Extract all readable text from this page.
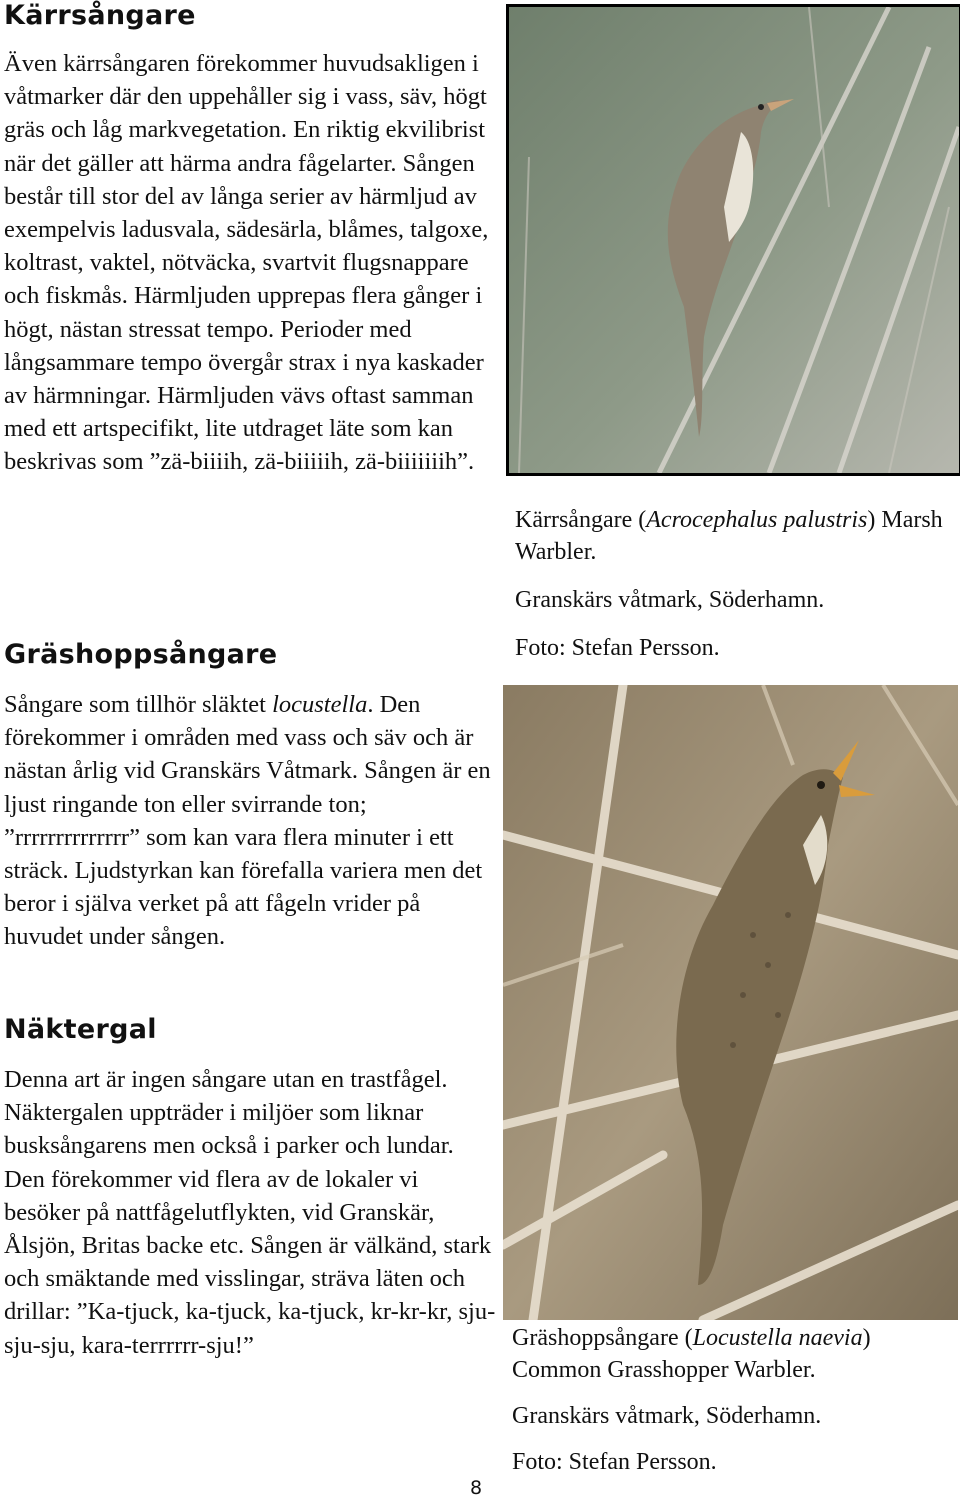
Kärrsångare

Även kärrsångaren förekommer huvudsakligen i våtmarker där den uppehåller sig i vass, säv, högt gräs och låg markvegetation. En riktig ekvilibrist när det gäller att härma andra fågelarter. Sången består till stor del av långa serier av härmljud av exempelvis ladusvala, sädesärla, blåmes, talgoxe, koltrast, vaktel, nötväcka, svartvit flugsnappare och fiskmås. Härmljuden upprepas flera gånger i högt, nästan stressat tempo. Perioder med långsammare tempo övergår strax i nya kaskader av härmningar. Härmljuden vävs oftast samman med ett artspecifikt, lite utdraget läte som kan beskrivas som ”zä-biiiih, zä-biiiiih, zä-biiiiiiih”.

Gräshoppsångare

Sångare som tillhör släktet locustella. Den förekommer i områden med vass och säv och är nästan årlig vid Granskärs Våtmark. Sången är en ljust ringande ton eller svirrande ton; ”rrrrrrrrrrrrrr” som kan vara flera minuter i ett sträck. Ljudstyrkan kan förefalla variera men det beror i själva verket på att fågeln vrider på huvudet under sången.

Näktergal

Denna art är ingen sångare utan en trastfågel. Näktergalen uppträder i miljöer som liknar busksångarens men också i parker och lundar. Den förekommer vid flera av de lokaler vi besöker på nattfågelutflykten, vid Granskär, Ålsjön, Britas backe etc. Sången är välkänd, stark och smäktande med visslingar, sträva läten och drillar: ”Ka-tjuck, ka-tjuck, ka-tjuck, kr-kr-kr, sju-sju-sju, kara-terrrrrr-sju!”

Kärrsångare (Acrocephalus palustris) Marsh Warbler.

Granskärs våtmark, Söderhamn.

Foto: Stefan Persson.

Gräshoppsångare (Locustella naevia) Common Grasshopper Warbler.

Granskärs våtmark, Söderhamn.

Foto: Stefan Persson.

8
